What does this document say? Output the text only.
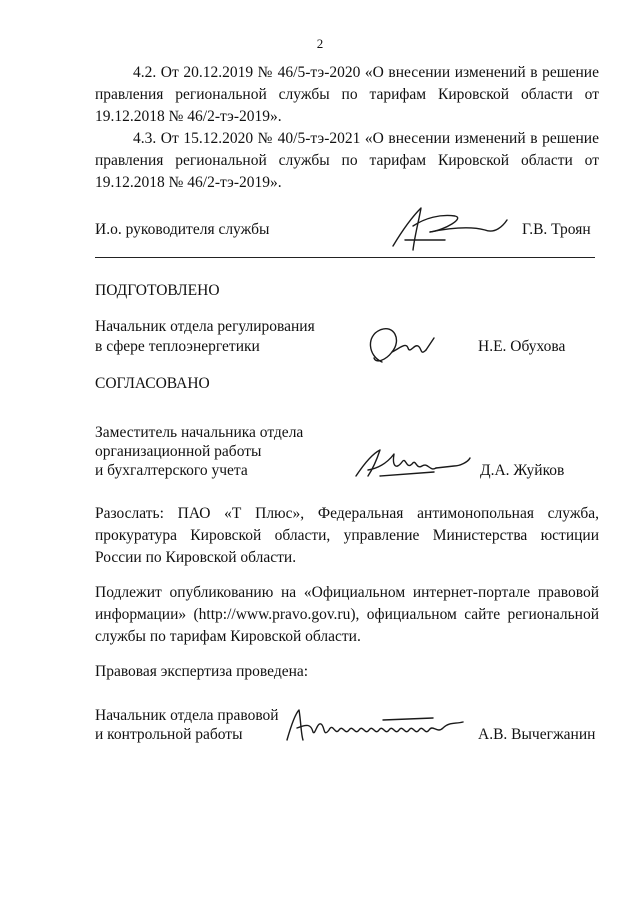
2
4.2. От 20.12.2019 № 46/5-тэ-2020 «О внесении изменений в решение правления региональной службы по тарифам Кировской области от 19.12.2018 № 46/2-тэ-2019».
4.3. От 15.12.2020 № 40/5-тэ-2021 «О внесении изменений в решение правления региональной службы по тарифам Кировской области от 19.12.2018 № 46/2-тэ-2019».
И.о. руководителя службы	Г.В. Троян
ПОДГОТОВЛЕНО
Начальник отдела регулирования
в сфере теплоэнергетики	Н.Е. Обухова
СОГЛАСОВАНО
Заместитель начальника отдела
организационной работы
и бухгалтерского учета	Д.А. Жуйков
Разослать: ПАО «Т Плюс», Федеральная антимонопольная служба, прокуратура Кировской области, управление Министерства юстиции России по Кировской области.
Подлежит опубликованию на «Официальном интернет-портале правовой информации» (http://www.pravo.gov.ru), официальном сайте региональной службы по тарифам Кировской области.
Правовая экспертиза проведена:
Начальник отдела правовой
и контрольной работы	А.В. Вычегжанин
